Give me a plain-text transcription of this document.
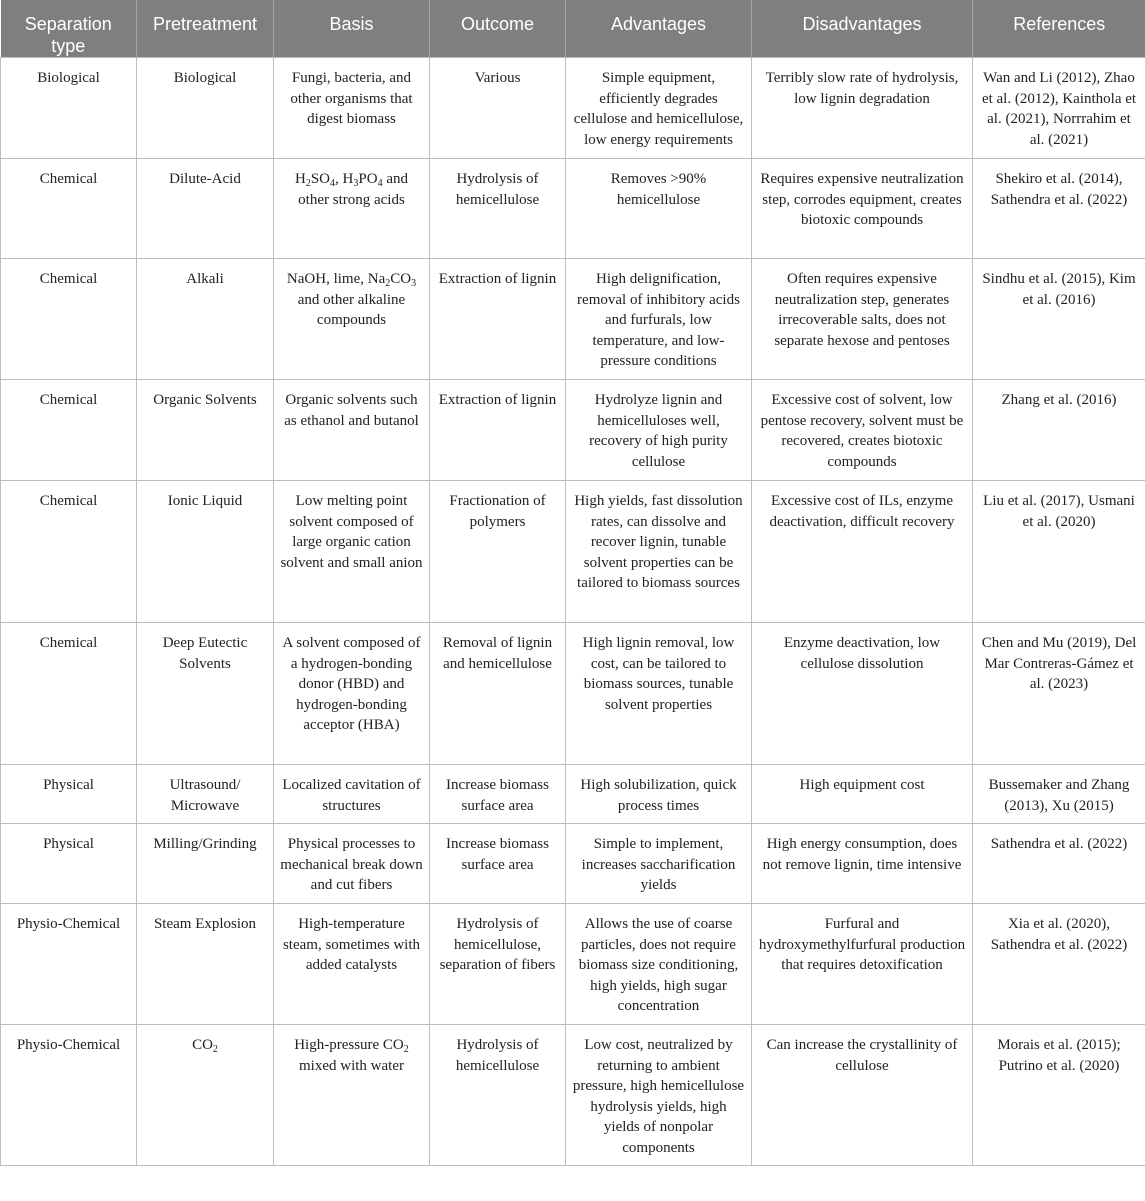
Separation type	Pretreatment	Basis	Outcome	Advantages	Disadvantages	References
Biological	Biological	Fungi, bacteria, and other organisms that digest biomass	Various	Simple equipment, efficiently degrades cellulose and hemicellulose, low energy requirements	Terribly slow rate of hydrolysis, low lignin degradation	Wan and Li (2012), Zhao et al. (2012), Kainthola et al. (2021), Norrrahim et al. (2021)
Chemical	Dilute-Acid	$H_2SO_4$, $H_3PO_4$ and other strong acids	Hydrolysis of hemicellulose	Removes >90% hemicellulose	Requires expensive neutralization step, corrodes equipment, creates biotoxic compounds	Shekiro et al. (2014), Sathendra et al. (2022)
Chemical	Alkali	NaOH, lime, $Na_2CO_3$ and other alkaline compounds	Extraction of lignin	High delignification, removal of inhibitory acids and furfurals, low temperature, and low-pressure conditions	Often requires expensive neutralization step, generates irrecoverable salts, does not separate hexose and pentoses	Sindhu et al. (2015), Kim et al. (2016)
Chemical	Organic Solvents	Organic solvents such as ethanol and butanol	Extraction of lignin	Hydrolyze lignin and hemicelluloses well, recovery of high purity cellulose	Excessive cost of solvent, low pentose recovery, solvent must be recovered, creates biotoxic compounds	Zhang et al. (2016)
Chemical	Ionic Liquid	Low melting point solvent composed of large organic cation solvent and small anion	Fractionation of polymers	High yields, fast dissolution rates, can dissolve and recover lignin, tunable solvent properties can be tailored to biomass sources	Excessive cost of ILs, enzyme deactivation, difficult recovery	Liu et al. (2017), Usmani et al. (2020)
Chemical	Deep Eutectic Solvents	A solvent composed of a hydrogen-bonding donor (HBD) and hydrogen-bonding acceptor (HBA)	Removal of lignin and hemicellulose	High lignin removal, low cost, can be tailored to biomass sources, tunable solvent properties	Enzyme deactivation, low cellulose dissolution	Chen and Mu (2019), Del Mar Contreras-Gámez et al. (2023)
Physical	Ultrasound/ Microwave	Localized cavitation of structures	Increase biomass surface area	High solubilization, quick process times	High equipment cost	Bussemaker and Zhang (2013), Xu (2015)
Physical	Milling/Grinding	Physical processes to mechanical break down and cut fibers	Increase biomass surface area	Simple to implement, increases saccharification yields	High energy consumption, does not remove lignin, time intensive	Sathendra et al. (2022)
Physio-Chemical	Steam Explosion	High-temperature steam, sometimes with added catalysts	Hydrolysis of hemicellulose, separation of fibers	Allows the use of coarse particles, does not require biomass size conditioning, high yields, high sugar concentration	Furfural and hydroxymethylfurfural production that requires detoxification	Xia et al. (2020), Sathendra et al. (2022)
Physio-Chemical	$CO_2$	High-pressure $CO_2$ mixed with water	Hydrolysis of hemicellulose	Low cost, neutralized by returning to ambient pressure, high hemicellulose hydrolysis yields, high yields of nonpolar components	Can increase the crystallinity of cellulose	Morais et al. (2015); Putrino et al. (2020)
